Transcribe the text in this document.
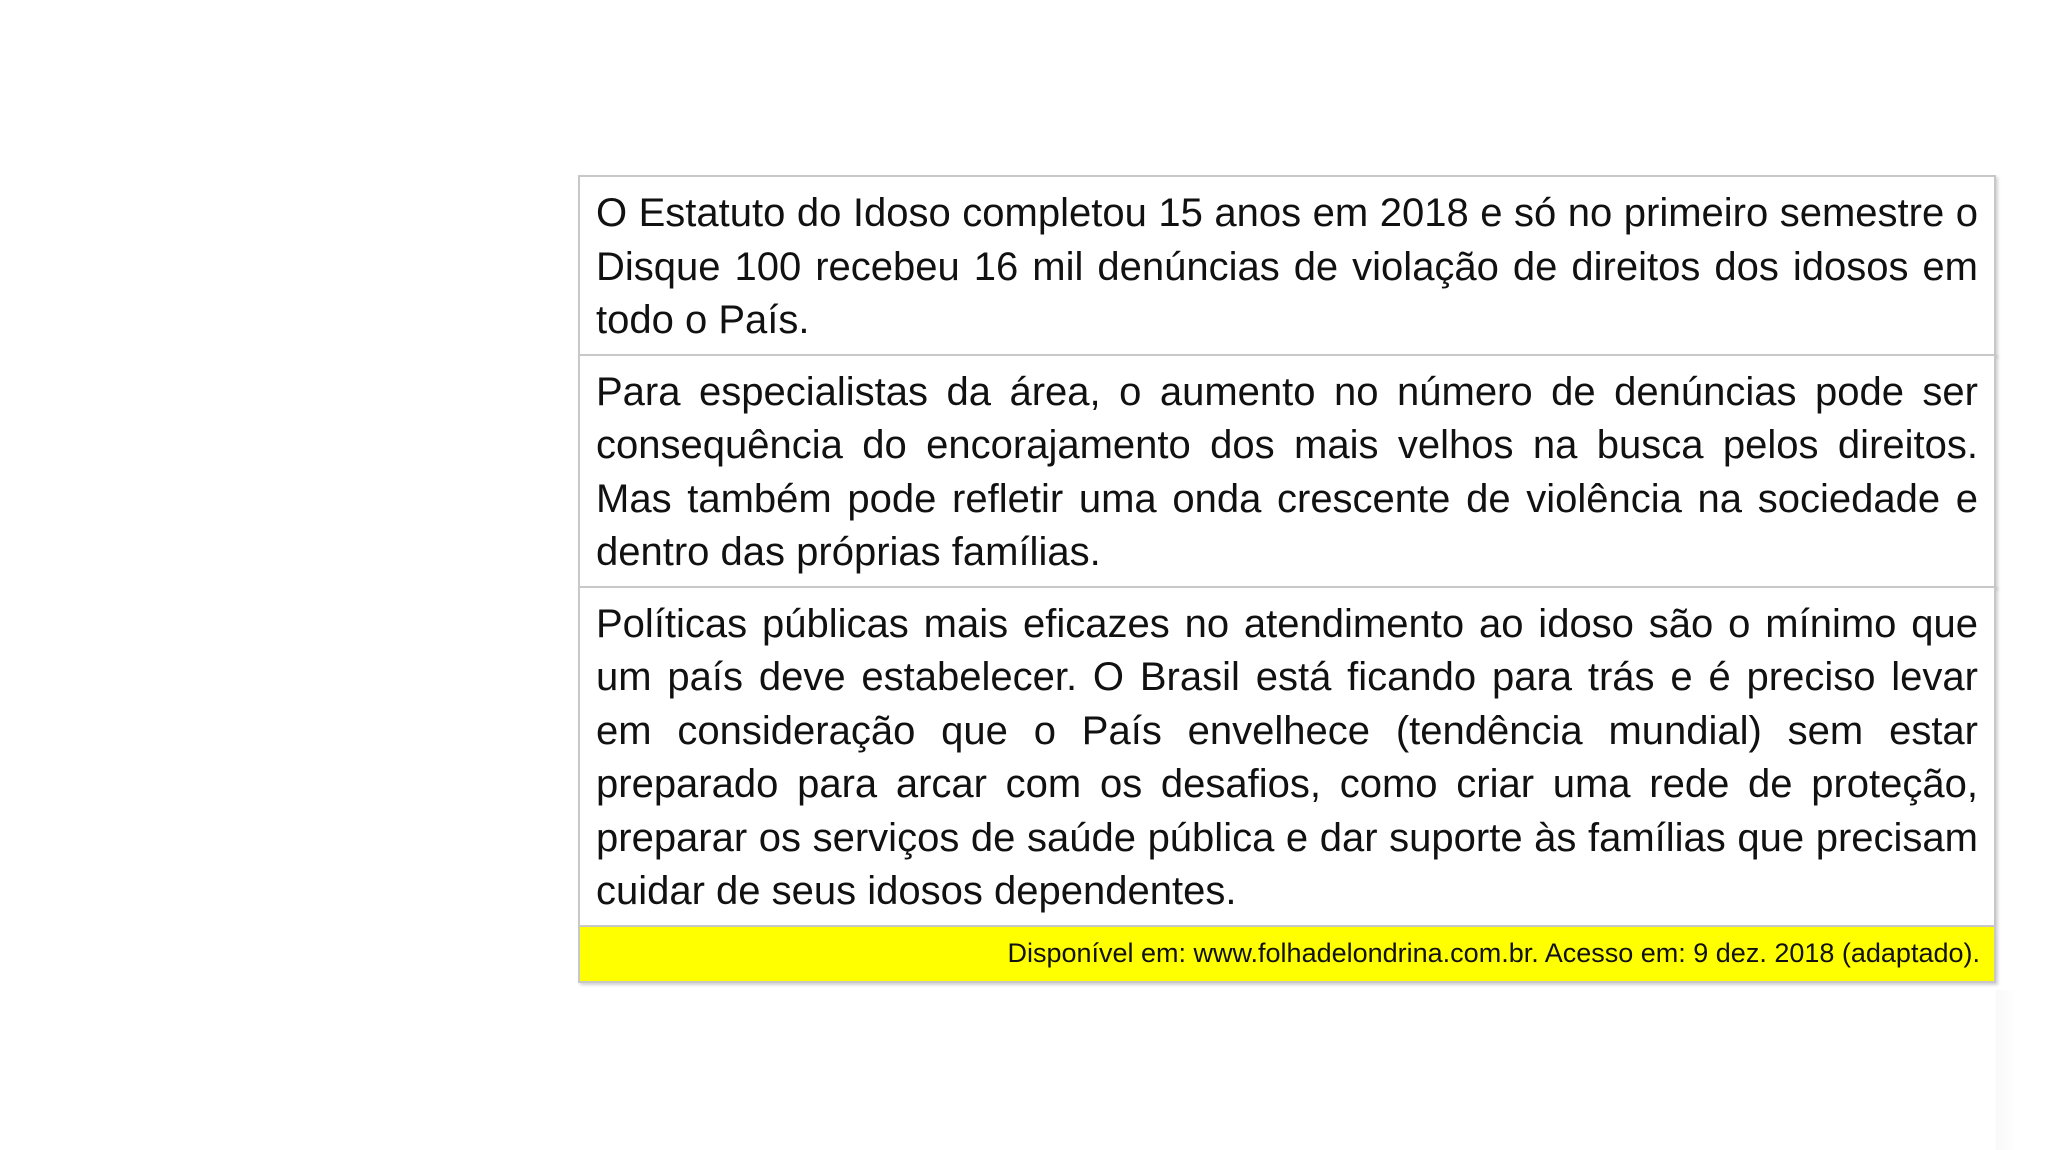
O Estatuto do Idoso completou 15 anos em 2018 e só no primeiro semestre o Disque 100 recebeu 16 mil denúncias de violação de direitos dos idosos em todo o País.

Para especialistas da área, o aumento no número de denúncias pode ser consequência do encorajamento dos mais velhos na busca pelos direitos. Mas também pode refletir uma onda crescente de violência na sociedade e dentro das próprias famílias.

Políticas públicas mais eficazes no atendimento ao idoso são o mínimo que um país deve estabelecer. O Brasil está ficando para trás e é preciso levar em consideração que o País envelhece (tendência mundial) sem estar preparado para arcar com os desafios, como criar uma rede de proteção, preparar os serviços de saúde pública e dar suporte às famílias que precisam cuidar de seus idosos dependentes.

Disponível em: www.folhadelondrina.com.br. Acesso em: 9 dez. 2018 (adaptado).
